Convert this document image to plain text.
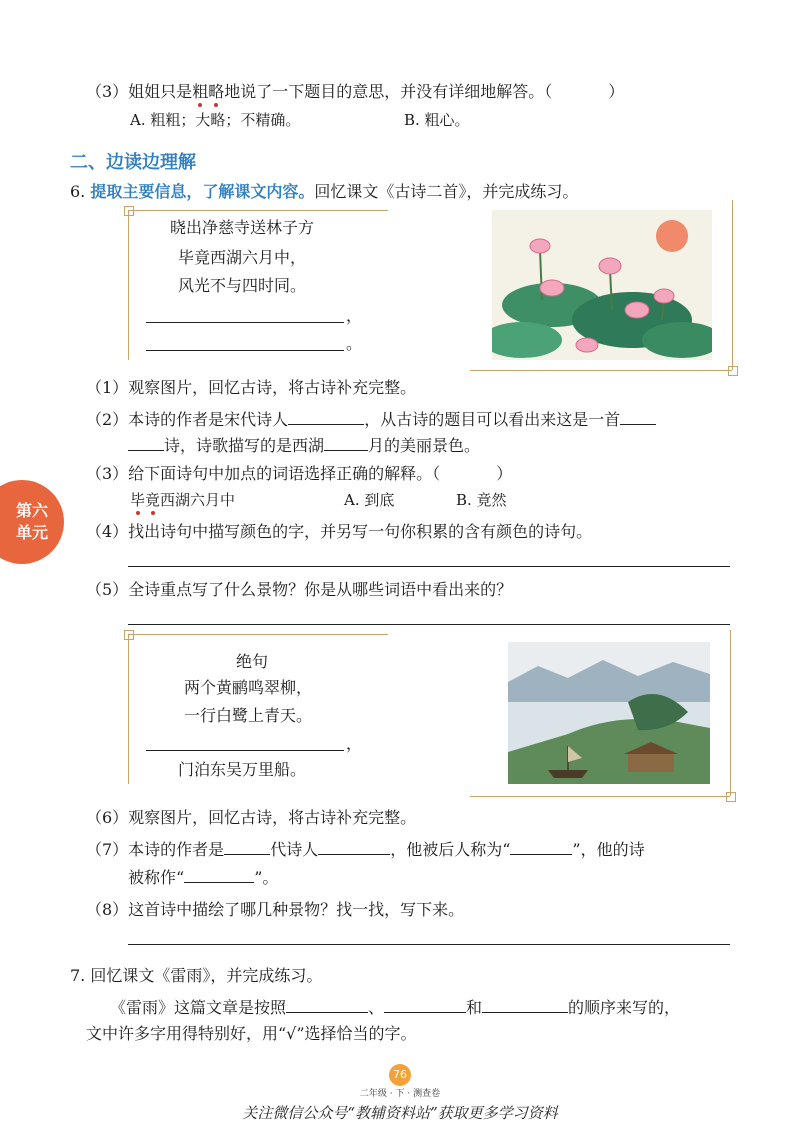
（3）姐姐只是粗略地说了一下题目的意思，并没有详细地解答。（	）
A. 粗粗；大略；不精确。	B. 粗心。
二、边读边理解
6. 提取主要信息，了解课文内容。回忆课文《古诗二首》，并完成练习。
晓出净慈寺送林子方
毕竟西湖六月中，
风光不与四时同。
，
。
（1）观察图片，回忆古诗，将古诗补充完整。
（2）本诗的作者是宋代诗人	，从古诗的题目可以看出来这是一首
诗，诗歌描写的是西湖	月的美丽景色。
（3）给下面诗句中加点的词语选择正确的解释。（	）
毕竟西湖六月中	A. 到底	B. 竟然
（4）找出诗句中描写颜色的字，并另写一句你积累的含有颜色的诗句。
（5）全诗重点写了什么景物？你是从哪些词语中看出来的？
绝句
两个黄鹂鸣翠柳，
一行白鹭上青天。
，
门泊东吴万里船。
（6）观察图片，回忆古诗，将古诗补充完整。
（7）本诗的作者是	代诗人	，他被后人称为“	”，他的诗
被称作“	”。
（8）这首诗中描绘了哪几种景物？找一找，写下来。
7. 回忆课文《雷雨》，并完成练习。
《雷雨》这篇文章是按照	、	和	的顺序来写的，
文中许多字用得特别好，用“√”选择恰当的字。
第六
单元
76
二年级 · 下 · 测查卷
关注微信公众号“教辅资料站”获取更多学习资料
